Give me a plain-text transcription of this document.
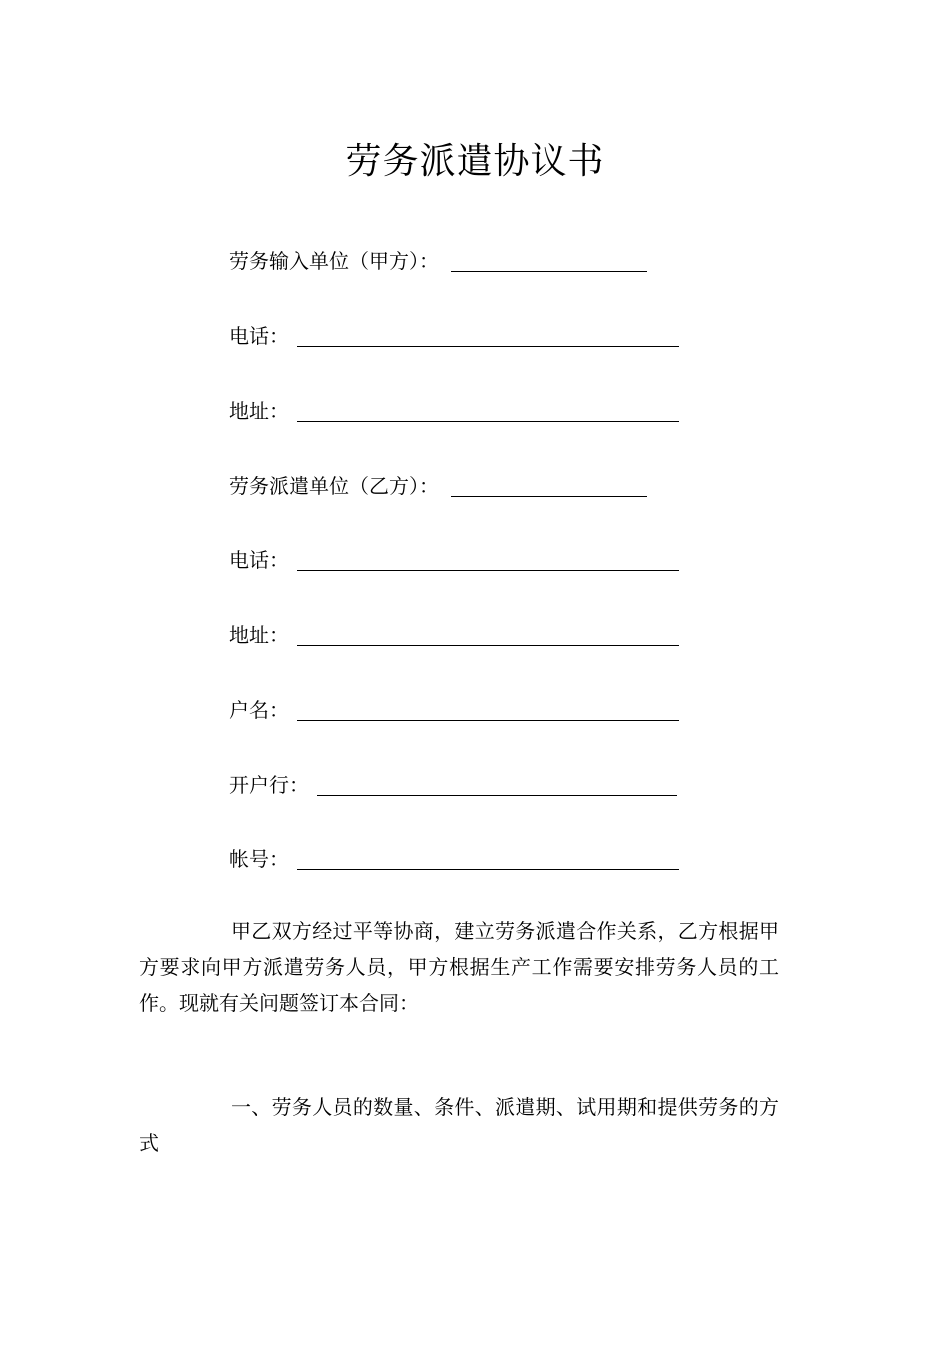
劳务派遣协议书
劳务输入单位（甲方）：
电话：
地址：
劳务派遣单位（乙方）：
电话：
地址：
户名：
开户行：
帐号：
甲乙双方经过平等协商，建立劳务派遣合作关系，乙方根据甲方要求向甲方派遣劳务人员，甲方根据生产工作需要安排劳务人员的工作。现就有关问题签订本合同：
一、劳务人员的数量、条件、派遣期、试用期和提供劳务的方式
